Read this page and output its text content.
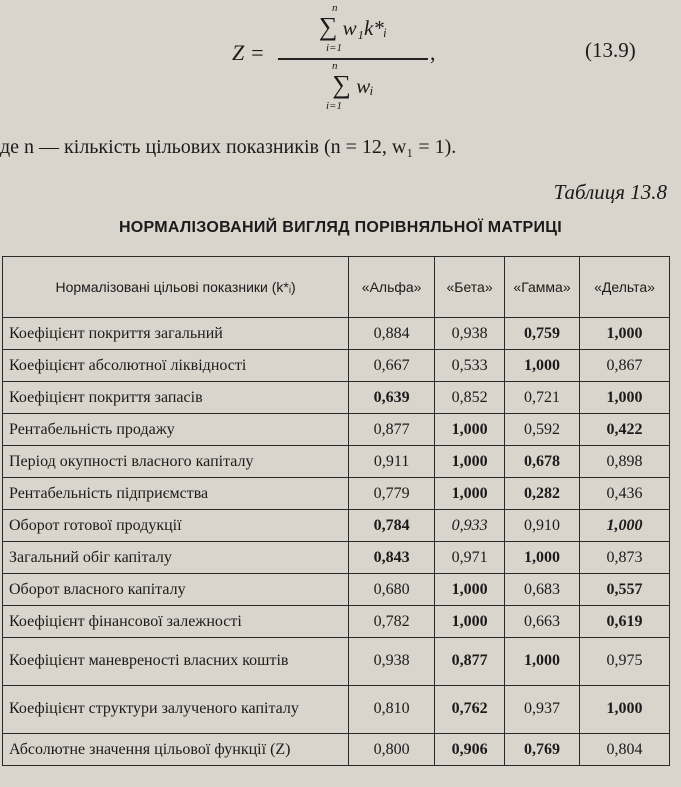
Z =
n
∑ w₁k*ᵢ
i=1
n
∑ wᵢ
i=1
,	(13.9)
де n — кількість цільових показників (n = 12, w₁ = 1).
Таблиця 13.8
НОРМАЛІЗОВАНИЙ ВИГЛЯД ПОРІВНЯЛЬНОЇ МАТРИЦІ
Нормалізовані цільові показники (k*ᵢ)	«Альфа»	«Бета»	«Гамма»	«Дельта»
Коефіцієнт покриття загальний	0,884	0,938	0,759	1,000
Коефіцієнт абсолютної ліквідності	0,667	0,533	1,000	0,867
Коефіцієнт покриття запасів	0,639	0,852	0,721	1,000
Рентабельність продажу	0,877	1,000	0,592	0,422
Період окупності власного капіталу	0,911	1,000	0,678	0,898
Рентабельність підприємства	0,779	1,000	0,282	0,436
Оборот готової продукції	0,784	0,933	0,910	1,000
Загальний обіг капіталу	0,843	0,971	1,000	0,873
Оборот власного капіталу	0,680	1,000	0,683	0,557
Коефіцієнт фінансової залежності	0,782	1,000	0,663	0,619
Коефіцієнт маневреності власних коштів	0,938	0,877	1,000	0,975
Коефіцієнт структури залученого капіталу	0,810	0,762	0,937	1,000
Абсолютне значення цільової функції (Z)	0,800	0,906	0,769	0,804
